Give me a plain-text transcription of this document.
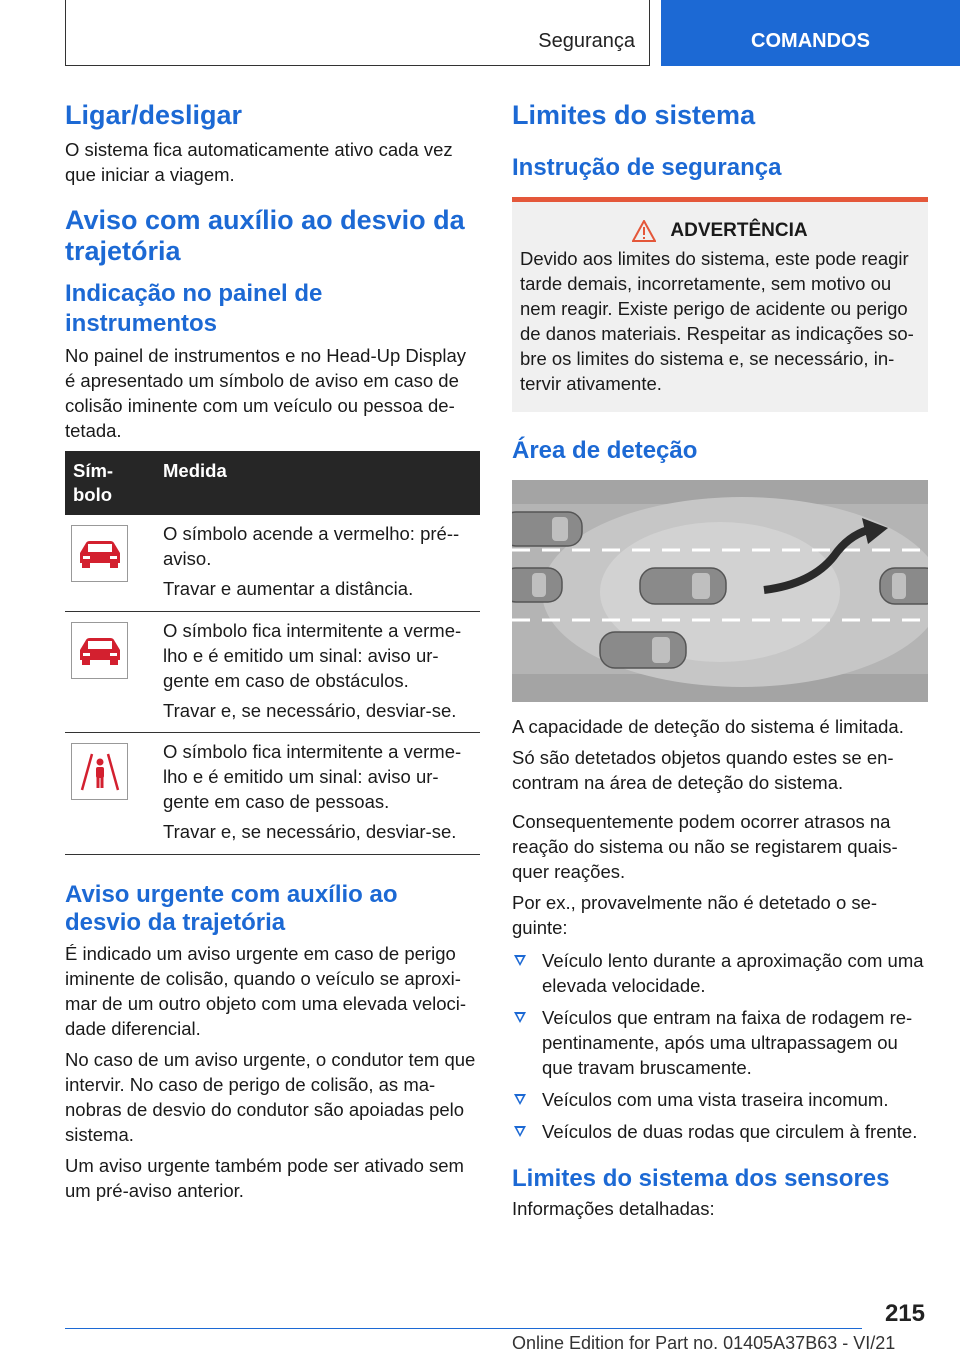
Segurança	COMANDOS
Ligar/desligar

O sistema fica automaticamente ativo cada vez que iniciar a viagem.

Aviso com auxílio ao desvio da trajetória
Indicação no painel de instrumentos

No painel de instrumentos e no Head-Up Display é apresentado um símbolo de aviso em caso de colisão iminente com um veículo ou pessoa de-tetada.

Sím-bolo
Medida

O símbolo acende a vermelho: pré--aviso.

Travar e aumentar a distância.

O símbolo fica intermitente a verme-lho e é emitido um sinal: aviso ur-gente em caso de obstáculos.

Travar e, se necessário, desviar-se.

O símbolo fica intermitente a verme-lho e é emitido um sinal: aviso ur-gente em caso de pessoas.

Travar e, se necessário, desviar-se.

Aviso urgente com auxílio ao desvio da trajetória

É indicado um aviso urgente em caso de perigo iminente de colisão, quando o veículo se aproxi-mar de um outro objeto com uma elevada veloci-dade diferencial.

No caso de um aviso urgente, o condutor tem que intervir. No caso de perigo de colisão, as ma-nobras de desvio do condutor são apoiadas pelo sistema.

Um aviso urgente também pode ser ativado sem um pré-aviso anterior.

Limites do sistema
Instrução de segurança
ADVERTÊNCIA

Devido aos limites do sistema, este pode reagir tarde demais, incorretamente, sem motivo ou nem reagir. Existe perigo de acidente ou perigo de danos materiais. Respeitar as indicações so-bre os limites do sistema e, se necessário, in-tervir ativamente.

Área de deteção

A capacidade de deteção do sistema é limitada.

Só são detetados objetos quando estes se en-contram na área de deteção do sistema.

Consequentemente podem ocorrer atrasos na reação do sistema ou não se registarem quais-quer reações.

Por ex., provavelmente não é detetado o se-guinte:

Veículo lento durante a aproximação com uma elevada velocidade.
Veículos que entram na faixa de rodagem re-pentinamente, após uma ultrapassagem ou que travam bruscamente.
Veículos com uma vista traseira incomum.
Veículos de duas rodas que circulem à frente.
Limites do sistema dos sensores

Informações detalhadas:

215
Online Edition for Part no. 01405A37B63 - VI/21
